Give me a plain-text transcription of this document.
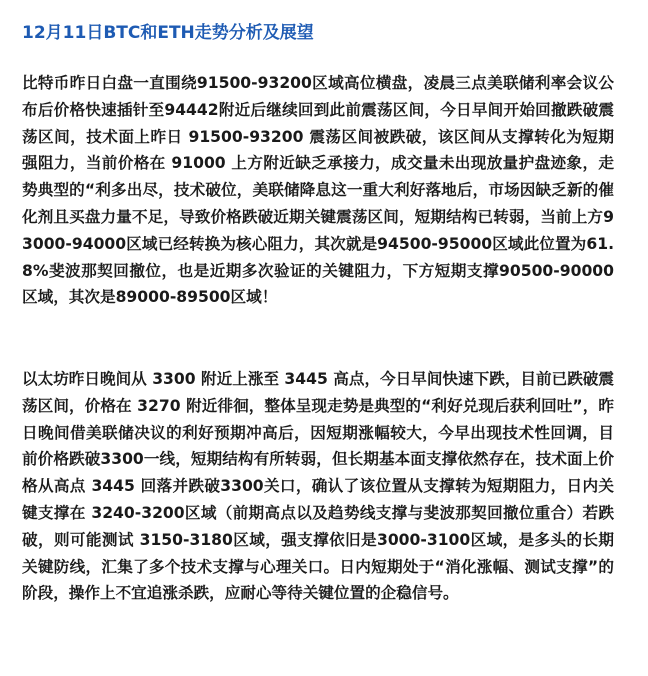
12月11日BTC和ETH走势分析及展望

比特币昨日白盘一直围绕91500-93200区域高位横盘，凌晨三点美联储利率会议公布后价格快速插针至94442附近后继续回到此前震荡区间，今日早间开始回撤跌破震荡区间，技术面上昨日 91500-93200 震荡区间被跌破，该区间从支撑转化为短期强阻力，当前价格在 91000 上方附近缺乏承接力，成交量未出现放量护盘迹象，走势典型的“利多出尽，技术破位，美联储降息这一重大利好落地后，市场因缺乏新的催化剂且买盘力量不足，导致价格跌破近期关键震荡区间，短期结构已转弱，当前上方93000-94000区域已经转换为核心阻力，其次就是94500-95000区域此位置为61.8%斐波那契回撤位，也是近期多次验证的关键阻力，下方短期支撑90500-90000区域，其次是89000-89500区域！

以太坊昨日晚间从 3300 附近上涨至 3445 高点，今日早间快速下跌，目前已跌破震荡区间，价格在 3270 附近徘徊，整体呈现走势是典型的“利好兑现后获利回吐”，昨日晚间借美联储决议的利好预期冲高后，因短期涨幅较大，今早出现技术性回调，目前价格跌破3300一线，短期结构有所转弱，但长期基本面支撑依然存在，技术面上价格从高点 3445 回落并跌破3300关口，确认了该位置从支撑转为短期阻力，日内关键支撑在 3240-3200区域（前期高点以及趋势线支撑与斐波那契回撤位重合）若跌破，则可能测试 3150-3180区域，强支撑依旧是3000-3100区域，是多头的长期关键防线，汇集了多个技术支撑与心理关口。日内短期处于“消化涨幅、测试支撑”的阶段，操作上不宜追涨杀跌，应耐心等待关键位置的企稳信号。
